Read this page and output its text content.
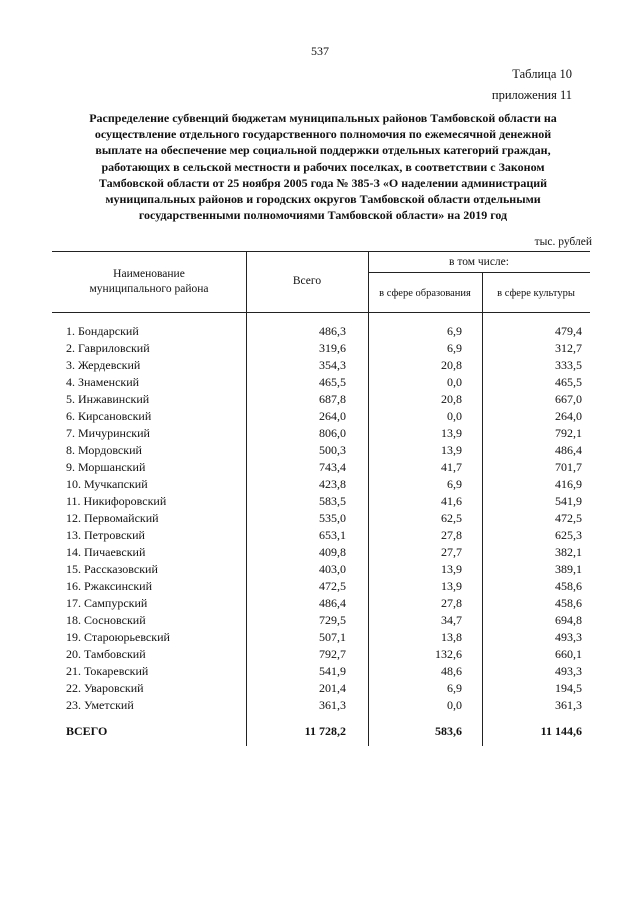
537
Таблица 10
приложения 11
Распределение субвенций бюджетам муниципальных районов Тамбовской области на
осуществление отдельного государственного полномочия по ежемесячной денежной
выплате на обеспечение мер социальной поддержки отдельных категорий граждан,
работающих в сельской местности и рабочих поселках, в соответствии с Законом
Тамбовской области от 25 ноября 2005 года № 385-З «О наделении администраций
муниципальных районов и городских округов Тамбовской области отдельными
государственными полномочиями Тамбовской области» на 2019 год
тыс. рублей
Наименование
муниципального района
Всего
в том числе:
в сфере образования	в сфере культуры
1. Бондарский	486,3	6,9	479,4
2. Гавриловский	319,6	6,9	312,7
3. Жердевский	354,3	20,8	333,5
4. Знаменский	465,5	0,0	465,5
5. Инжавинский	687,8	20,8	667,0
6. Кирсановский	264,0	0,0	264,0
7. Мичуринский	806,0	13,9	792,1
8. Мордовский	500,3	13,9	486,4
9. Моршанский	743,4	41,7	701,7
10. Мучкапский	423,8	6,9	416,9
11. Никифоровский	583,5	41,6	541,9
12. Первомайский	535,0	62,5	472,5
13. Петровский	653,1	27,8	625,3
14. Пичаевский	409,8	27,7	382,1
15. Рассказовский	403,0	13,9	389,1
16. Ржаксинский	472,5	13,9	458,6
17. Сампурский	486,4	27,8	458,6
18. Сосновский	729,5	34,7	694,8
19. Староюрьевский	507,1	13,8	493,3
20. Тамбовский	792,7	132,6	660,1
21. Токаревский	541,9	48,6	493,3
22. Уваровский	201,4	6,9	194,5
23. Уметский	361,3	0,0	361,3
ВСЕГО	11 728,2	583,6	11 144,6
